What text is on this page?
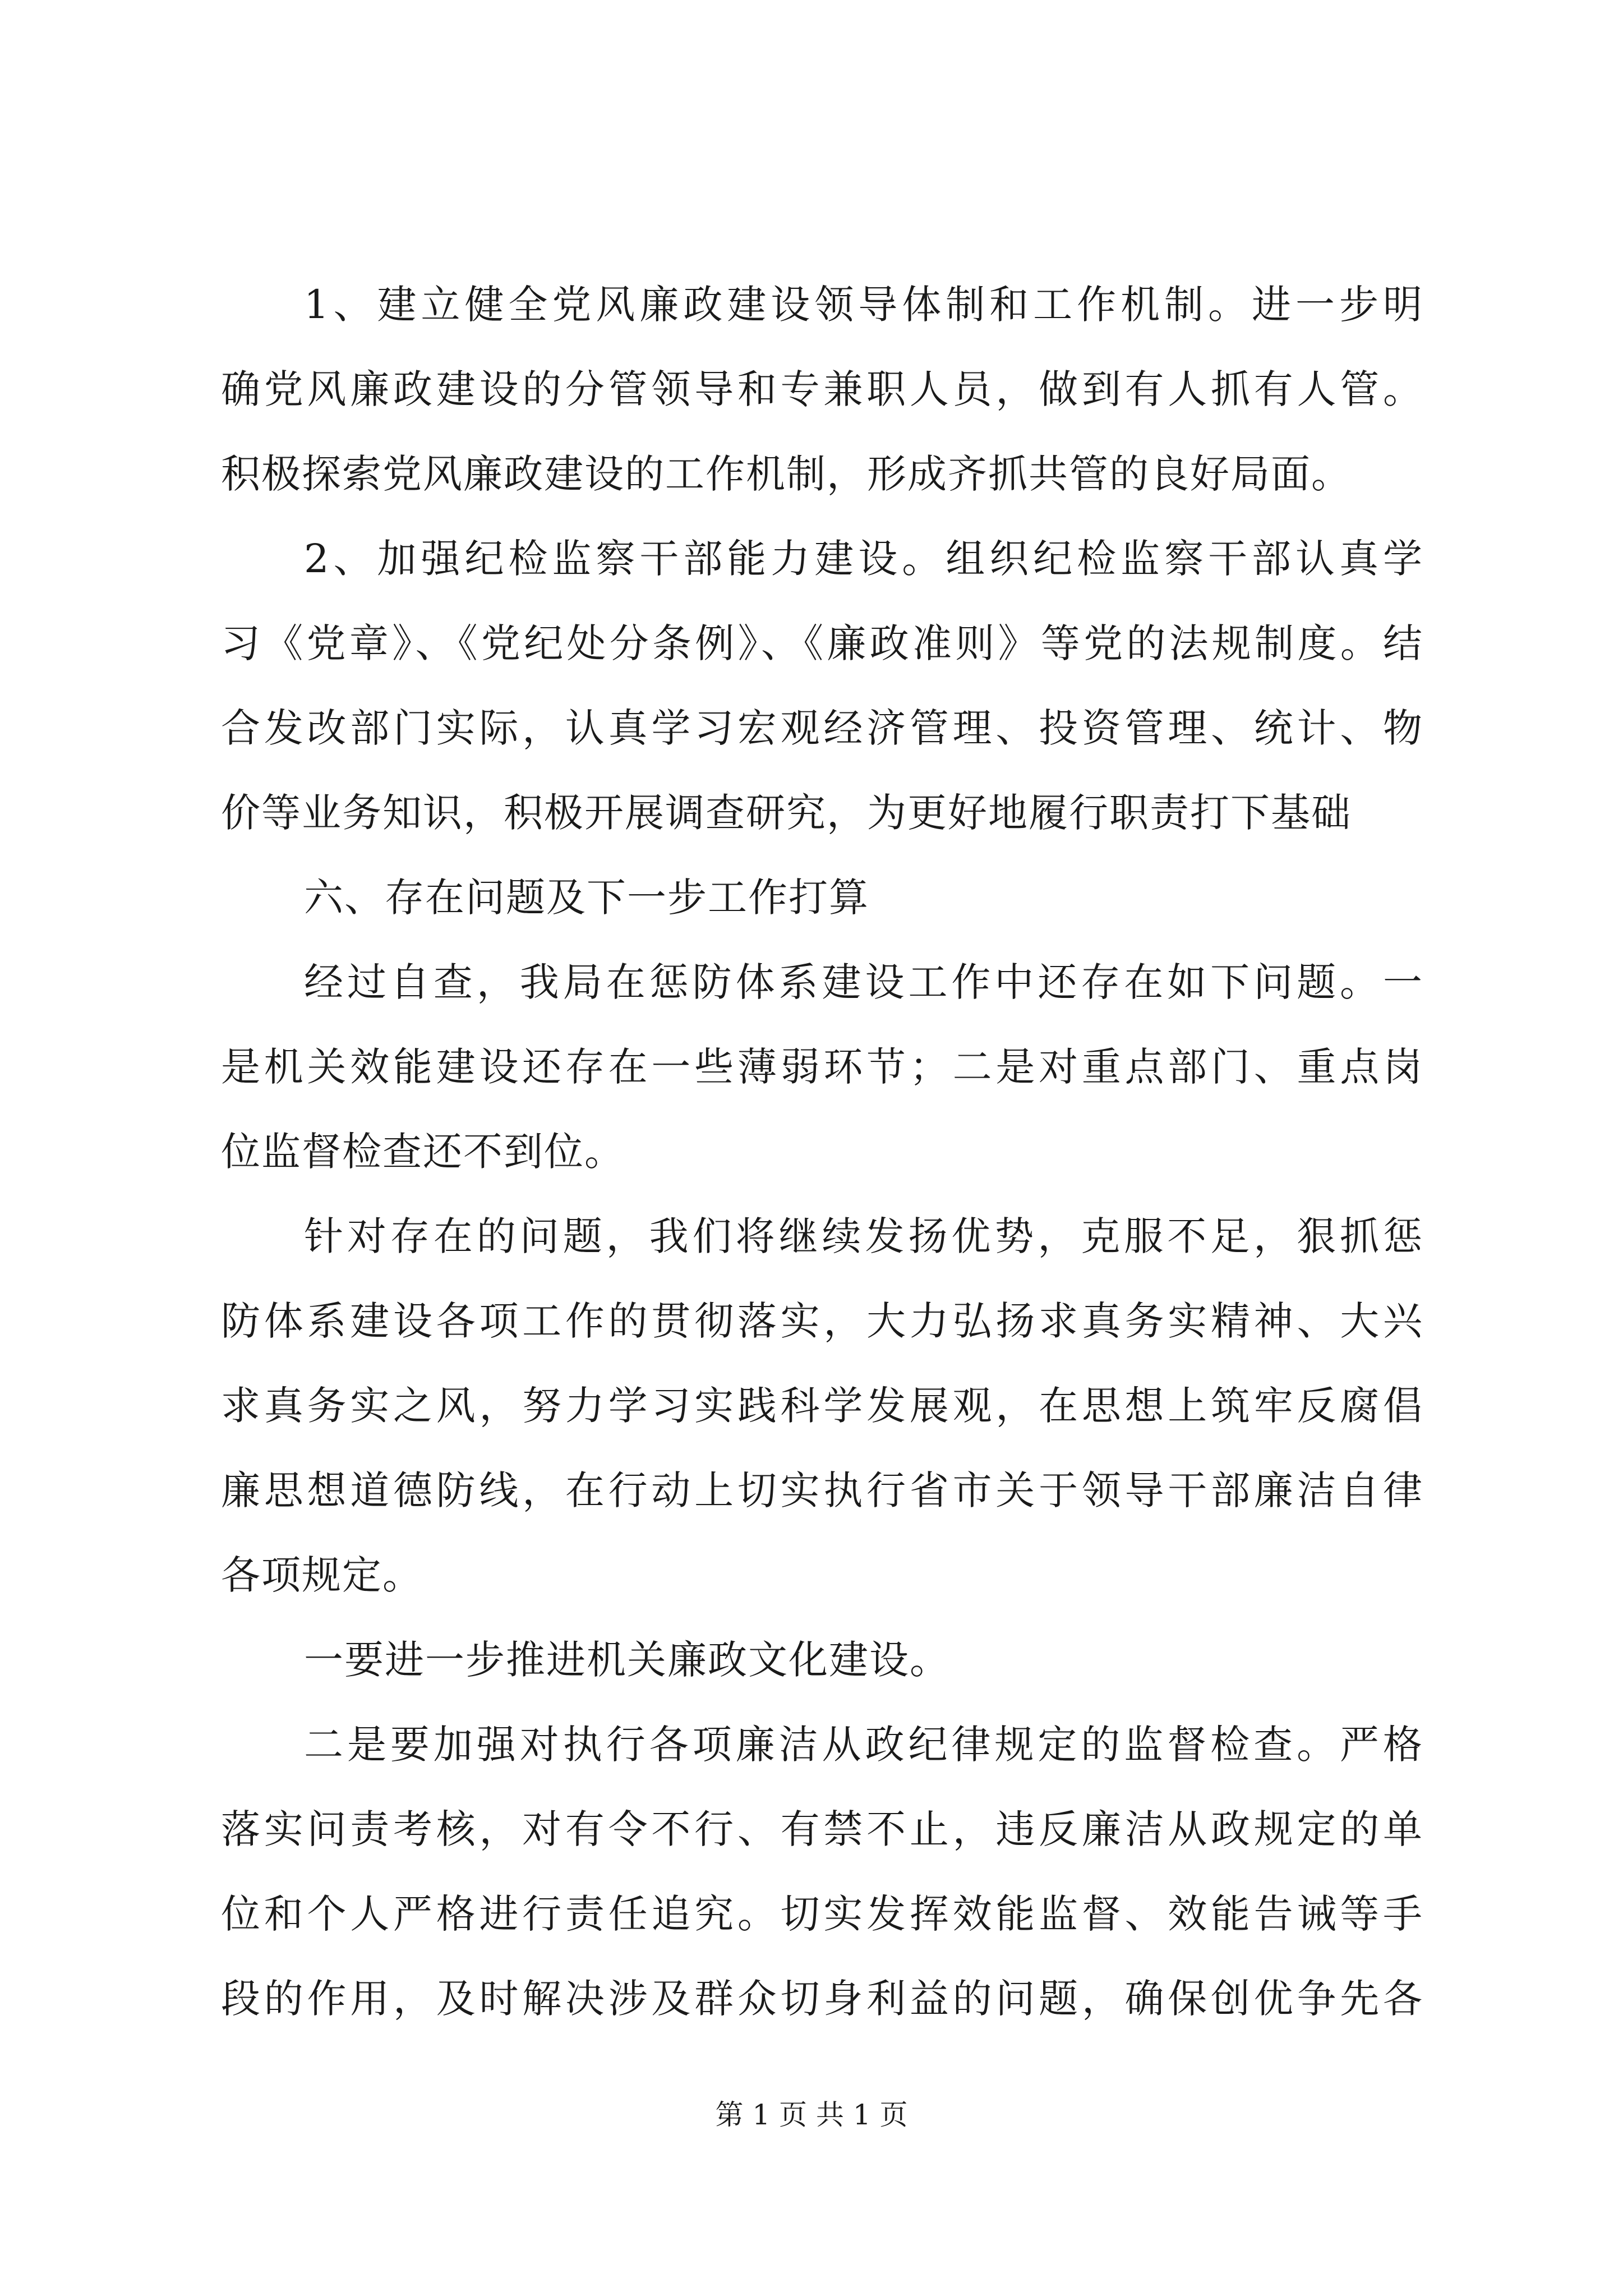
1、建立健全党风廉政建设领导体制和工作机制。进一步明
确党风廉政建设的分管领导和专兼职人员，做到有人抓有人管。
积极探索党风廉政建设的工作机制，形成齐抓共管的良好局面。
2、加强纪检监察干部能力建设。组织纪检监察干部认真学
习《党章》、《党纪处分条例》、《廉政准则》等党的法规制度。结
合发改部门实际，认真学习宏观经济管理、投资管理、统计、物
价等业务知识，积极开展调查研究，为更好地履行职责打下基础
六、存在问题及下一步工作打算
经过自查，我局在惩防体系建设工作中还存在如下问题。一
是机关效能建设还存在一些薄弱环节；二是对重点部门、重点岗
位监督检查还不到位。
针对存在的问题，我们将继续发扬优势，克服不足，狠抓惩
防体系建设各项工作的贯彻落实，大力弘扬求真务实精神、大兴
求真务实之风，努力学习实践科学发展观，在思想上筑牢反腐倡
廉思想道德防线，在行动上切实执行省市关于领导干部廉洁自律
各项规定。
一要进一步推进机关廉政文化建设。
二是要加强对执行各项廉洁从政纪律规定的监督检查。严格
落实问责考核，对有令不行、有禁不止，违反廉洁从政规定的单
位和个人严格进行责任追究。切实发挥效能监督、效能告诫等手
段的作用，及时解决涉及群众切身利益的问题，确保创优争先各
第 1 页 共 1 页
